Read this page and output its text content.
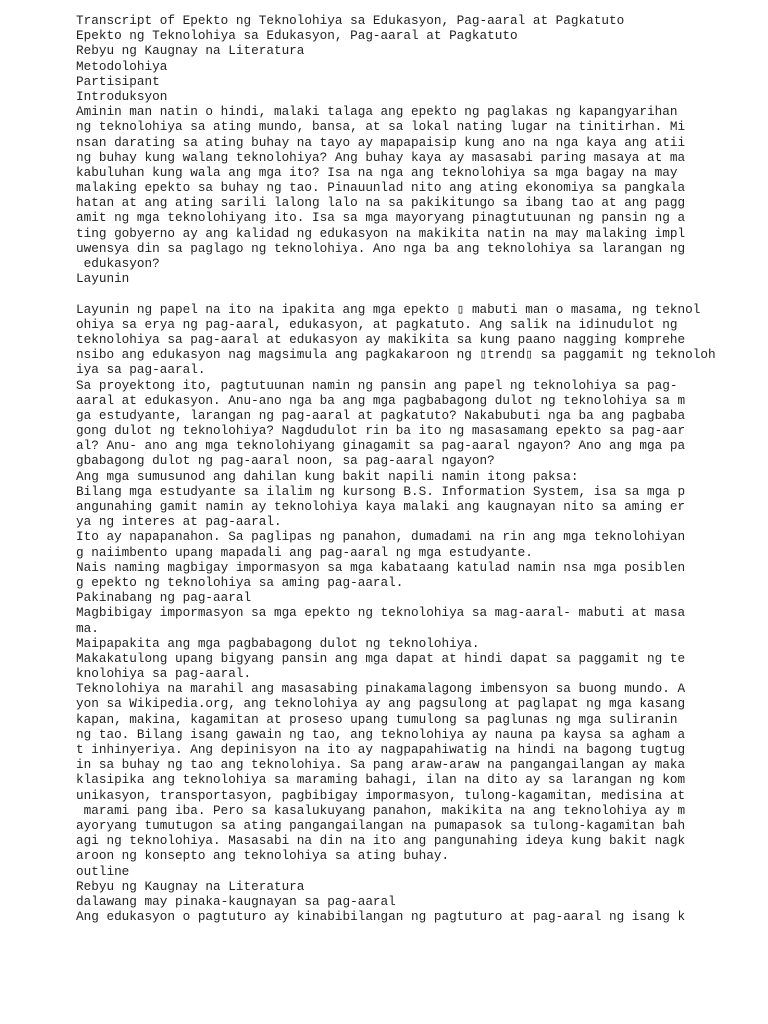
Transcript of Epekto ng Teknolohiya sa Edukasyon, Pag-aaral at Pagkatuto
Epekto ng Teknolohiya sa Edukasyon, Pag-aaral at Pagkatuto
Rebyu ng Kaugnay na Literatura
Metodolohiya
Partisipant
Introduksyon
Aminin man natin o hindi, malaki talaga ang epekto ng paglakas ng kapangyarihan
ng teknolohiya sa ating mundo, bansa, at sa lokal nating lugar na tinitirhan. Mi
nsan darating sa ating buhay na tayo ay mapapaisip kung ano na nga kaya ang atii
ng buhay kung walang teknolohiya? Ang buhay kaya ay masasabi paring masaya at ma
kabuluhan kung wala ang mga ito? Isa na nga ang teknolohiya sa mga bagay na may
malaking epekto sa buhay ng tao. Pinauunlad nito ang ating ekonomiya sa pangkala
hatan at ang ating sarili lalong lalo na sa pakikitungo sa ibang tao at ang pagg
amit ng mga teknolohiyang ito. Isa sa mga mayoryang pinagtutuunan ng pansin ng a
ting gobyerno ay ang kalidad ng edukasyon na makikita natin na may malaking impl
uwensya din sa paglago ng teknolohiya. Ano nga ba ang teknolohiya sa larangan ng
edukasyon?
Layunin
Layunin ng papel na ito na ipakita ang mga epekto ▯ mabuti man o masama, ng teknol
ohiya sa erya ng pag-aaral, edukasyon, at pagkatuto. Ang salik na idinudulot ng
teknolohiya sa pag-aaral at edukasyon ay makikita sa kung paano nagging komprehe
nsibo ang edukasyon nag magsimula ang pagkakaroon ng ▯trend▯ sa paggamit ng teknoloh
iya sa pag-aaral.
Sa proyektong ito, pagtutuunan namin ng pansin ang papel ng teknolohiya sa pag-
aaral at edukasyon. Anu-ano nga ba ang mga pagbabagong dulot ng teknolohiya sa m
ga estudyante, larangan ng pag-aaral at pagkatuto? Nakabubuti nga ba ang pagbaba
gong dulot ng teknolohiya? Nagdudulot rin ba ito ng masasamang epekto sa pag-aar
al? Anu- ano ang mga teknolohiyang ginagamit sa pag-aaral ngayon? Ano ang mga pa
gbabagong dulot ng pag-aaral noon, sa pag-aaral ngayon?
Ang mga sumusunod ang dahilan kung bakit napili namin itong paksa:
Bilang mga estudyante sa ilalim ng kursong B.S. Information System, isa sa mga p
angunahing gamit namin ay teknolohiya kaya malaki ang kaugnayan nito sa aming er
ya ng interes at pag-aaral.
Ito ay napapanahon. Sa paglipas ng panahon, dumadami na rin ang mga teknolohiyan
g naiimbento upang mapadali ang pag-aaral ng mga estudyante.
Nais naming magbigay impormasyon sa mga kabataang katulad namin nsa mga posiblen
g epekto ng teknolohiya sa aming pag-aaral.
Pakinabang ng pag-aaral
Magbibigay impormasyon sa mga epekto ng teknolohiya sa mag-aaral- mabuti at masa
ma.
Maipapakita ang mga pagbabagong dulot ng teknolohiya.
Makakatulong upang bigyang pansin ang mga dapat at hindi dapat sa paggamit ng te
knolohiya sa pag-aaral.
Teknolohiya na marahil ang masasabing pinakamalagong imbensyon sa buong mundo. A
yon sa Wikipedia.org, ang teknolohiya ay ang pagsulong at paglapat ng mga kasang
kapan, makina, kagamitan at proseso upang tumulong sa paglunas ng mga suliranin
ng tao. Bilang isang gawain ng tao, ang teknolohiya ay nauna pa kaysa sa agham a
t inhinyeriya. Ang depinisyon na ito ay nagpapahiwatig na hindi na bagong tugtug
in sa buhay ng tao ang teknolohiya. Sa pang araw-araw na pangangailangan ay maka
klasipika ang teknolohiya sa maraming bahagi, ilan na dito ay sa larangan ng kom
unikasyon, transportasyon, pagbibigay impormasyon, tulong-kagamitan, medisina at
marami pang iba. Pero sa kasalukuyang panahon, makikita na ang teknolohiya ay m
ayoryang tumutugon sa ating pangangailangan na pumapasok sa tulong-kagamitan bah
agi ng teknolohiya. Masasabi na din na ito ang pangunahing ideya kung bakit nagk
aroon ng konsepto ang teknolohiya sa ating buhay.
outline
Rebyu ng Kaugnay na Literatura
dalawang may pinaka-kaugnayan sa pag-aaral
Ang edukasyon o pagtuturo ay kinabibilangan ng pagtuturo at pag-aaral ng isang k
